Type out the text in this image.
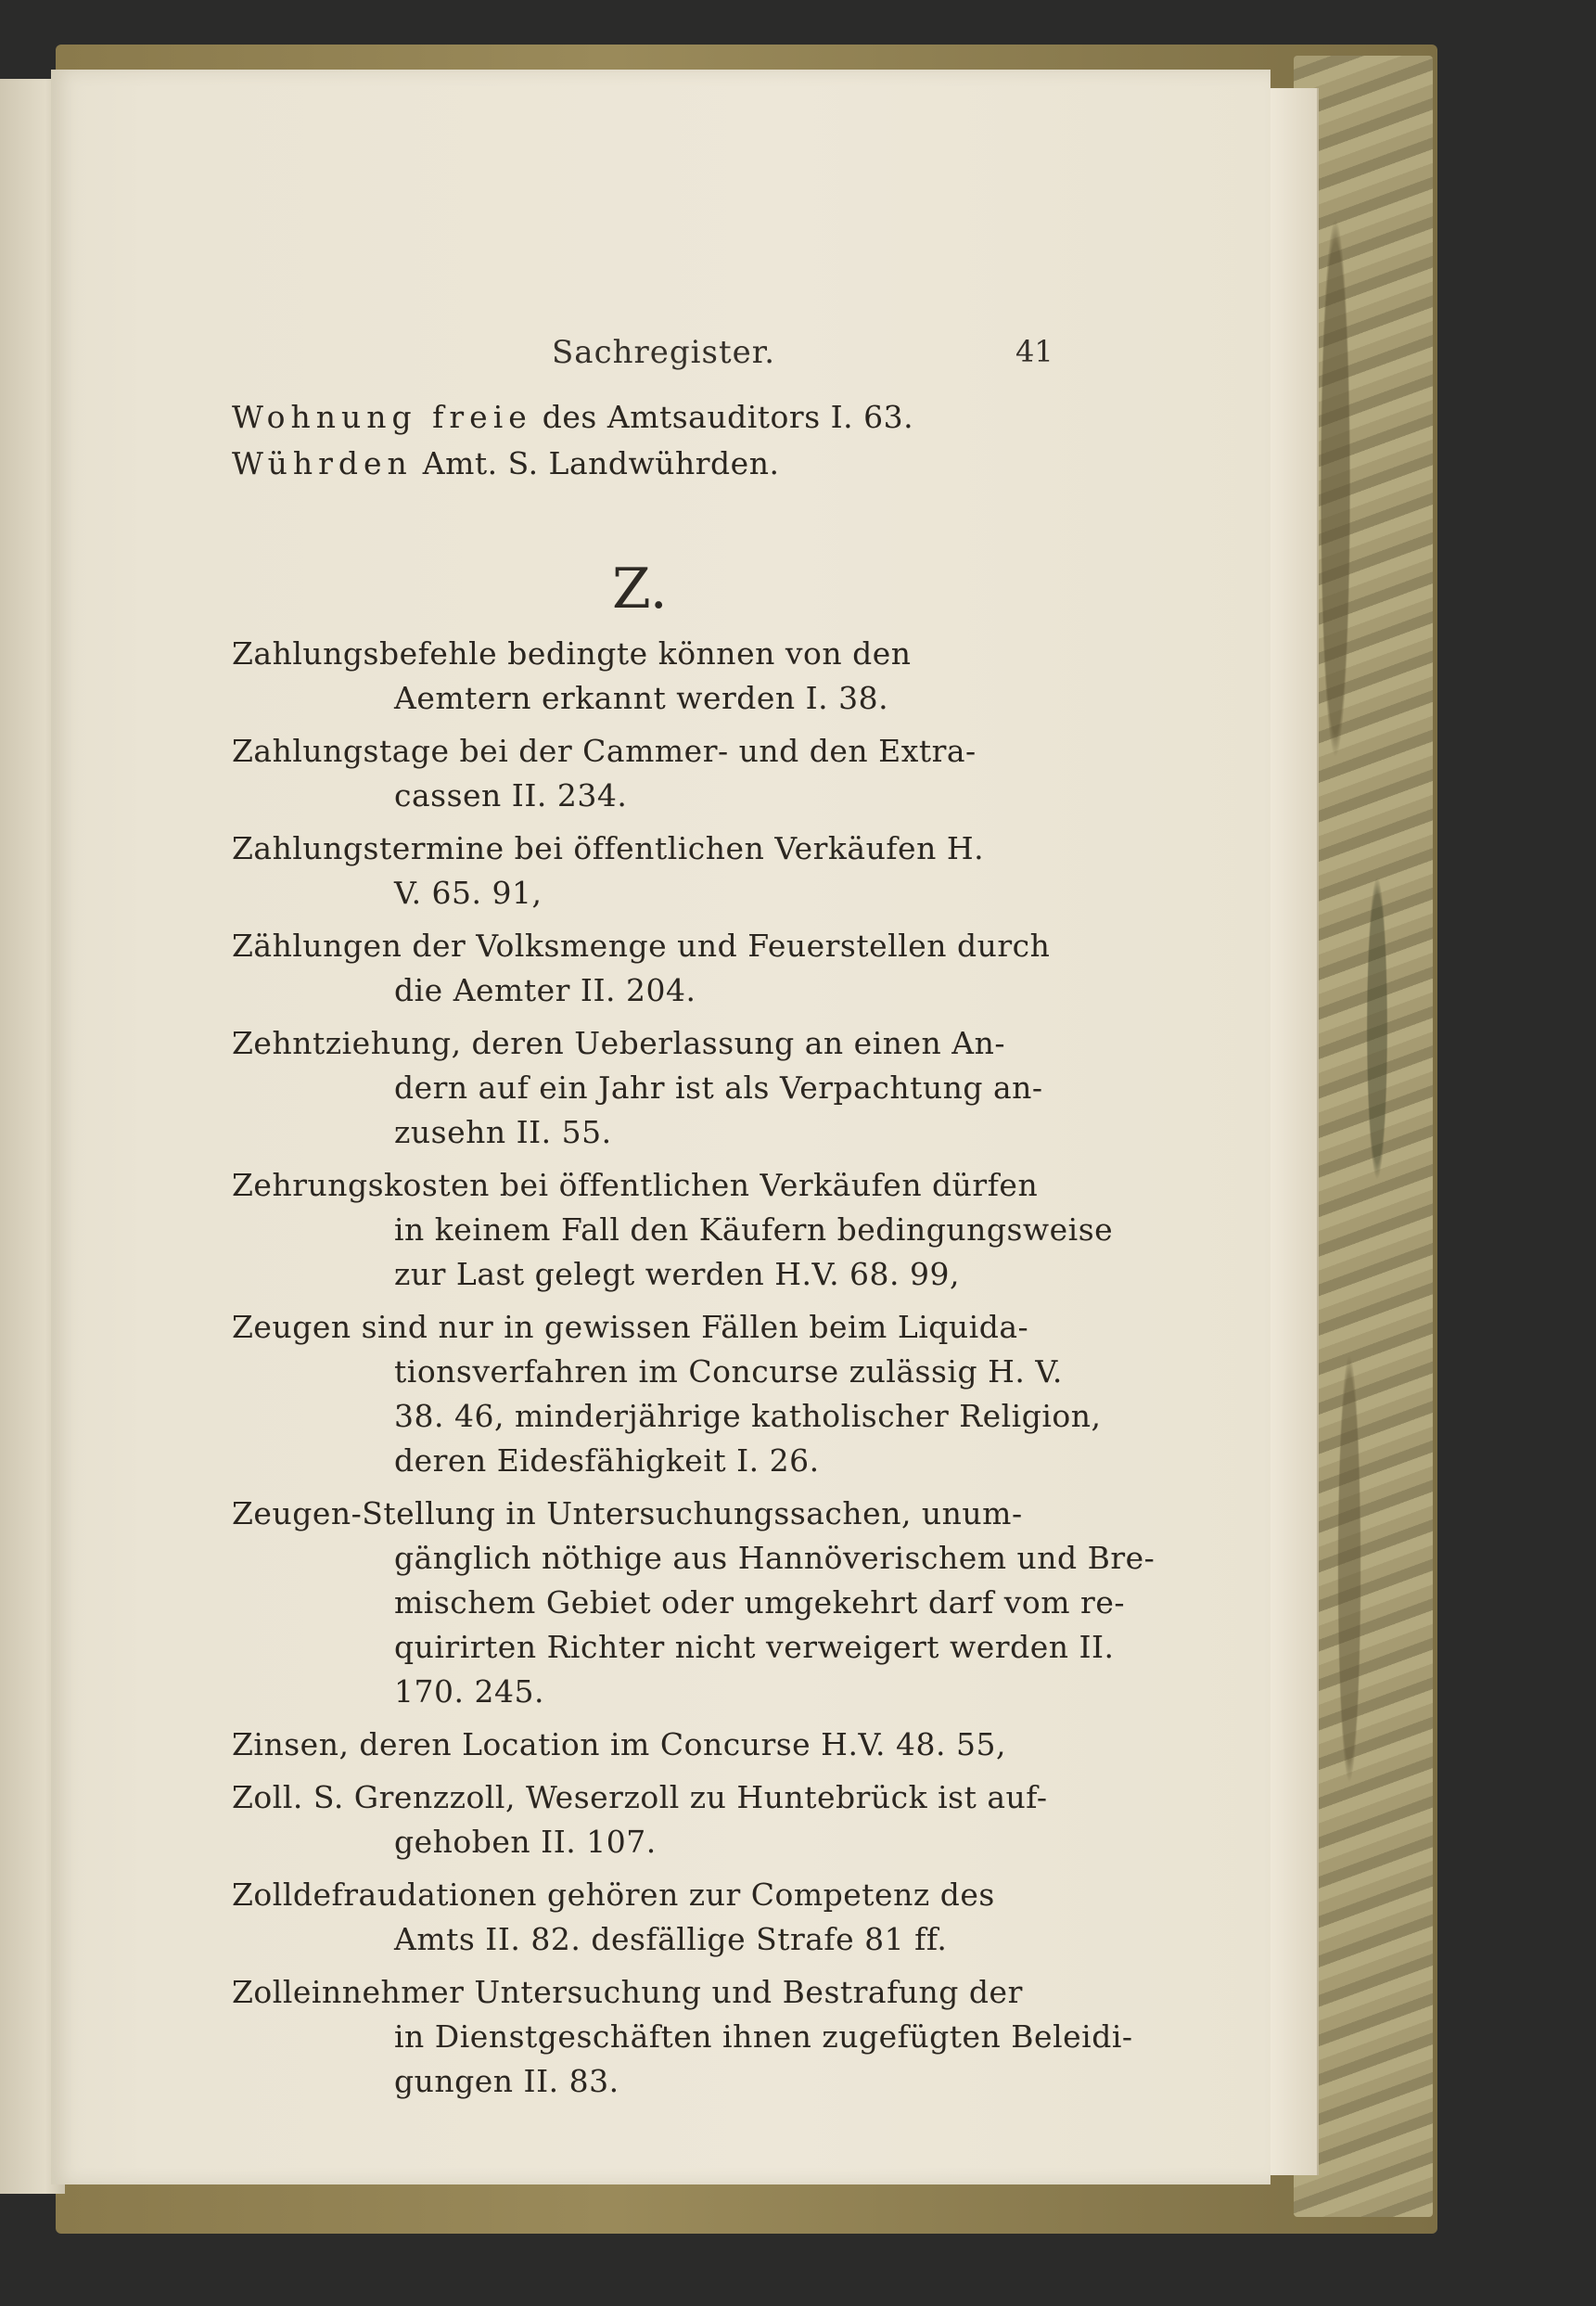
Sachregister.	41
Wohnung freie des Amtsauditors I. 63.
Wührden Amt. S. Landwührden.
Z.
Zahlungsbefehle bedingte können von den
Aemtern erkannt werden I. 38.
Zahlungstage bei der Cammer- und den Extra-
cassen II. 234.
Zahlungstermine bei öffentlichen Verkäufen H.
V. 65. 91,
Zählungen der Volksmenge und Feuerstellen durch
die Aemter II. 204.
Zehntziehung, deren Ueberlassung an einen An-
dern auf ein Jahr ist als Verpachtung an-
zusehn II. 55.
Zehrungskosten bei öffentlichen Verkäufen dürfen
in keinem Fall den Käufern bedingungsweise
zur Last gelegt werden H.V. 68. 99,
Zeugen sind nur in gewissen Fällen beim Liquida-
tionsverfahren im Concurse zulässig H. V.
38. 46, minderjährige katholischer Religion,
deren Eidesfähigkeit I. 26.
Zeugen-Stellung in Untersuchungssachen, unum-
gänglich nöthige aus Hannöverischem und Bre-
mischem Gebiet oder umgekehrt darf vom re-
quirirten Richter nicht verweigert werden II.
170. 245.
Zinsen, deren Location im Concurse H.V. 48. 55,
Zoll. S. Grenzzoll, Weserzoll zu Huntebrück ist auf-
gehoben II. 107.
Zolldefraudationen gehören zur Competenz des
Amts II. 82. desfällige Strafe 81 ff.
Zolleinnehmer Untersuchung und Bestrafung der
in Dienstgeschäften ihnen zugefügten Beleidi-
gungen II. 83.
